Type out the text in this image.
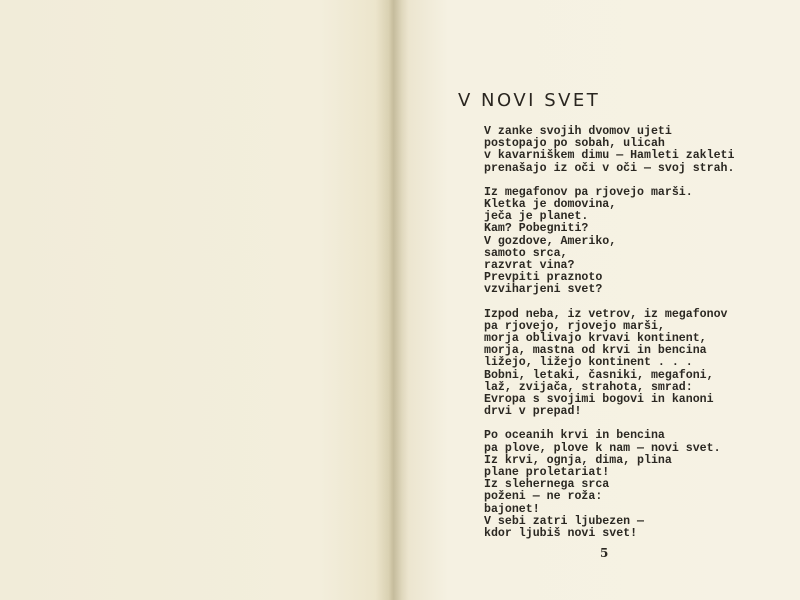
V NOVI SVET
V zanke svojih dvomov ujeti
postopajo po sobah, ulicah
v kavarniškem dimu — Hamleti zakleti
prenašajo iz oči v oči — svoj strah.
Iz megafonov pa rjovejo marši.
Kletka je domovina,
ječa je planet.
Kam? Pobegniti?
V gozdove, Ameriko,
samoto srca,
razvrat vina?
Prevpiti praznoto
vzviharjeni svet?
Izpod neba, iz vetrov, iz megafonov
pa rjovejo, rjovejo marši,
morja oblivajo krvavi kontinent,
morja, mastna od krvi in bencina
ližejo, ližejo kontinent . . .
Bobni, letaki, časniki, megafoni,
laž, zvijača, strahota, smrad:
Evropa s svojimi bogovi in kanoni
drvi v prepad!
Po oceanih krvi in bencina
pa plove, plove k nam — novi svet.
Iz krvi, ognja, dima, plina
plane proletariat!
Iz slehernega srca
poženi — ne roža:
bajonet!
V sebi zatri ljubezen —
kdor ljubiš novi svet!
5
